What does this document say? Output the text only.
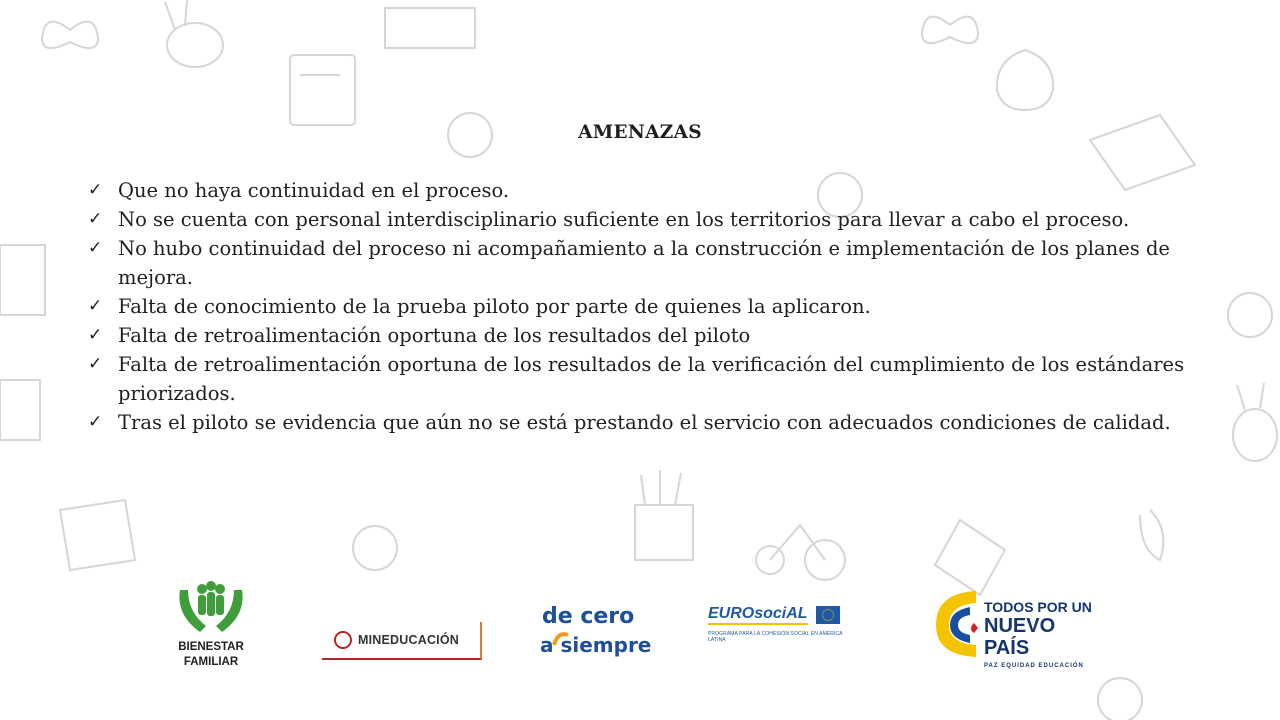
AMENAZAS
✓ Que no haya continuidad en el proceso.
✓ No se cuenta con personal interdisciplinario suficiente en los territorios para llevar a cabo el proceso.
✓ No hubo continuidad del proceso ni acompañamiento a la construcción e implementación de los planes de mejora.
✓ Falta de conocimiento de la prueba piloto por parte de quienes la aplicaron.
✓ Falta de retroalimentación oportuna de los resultados del piloto
✓ Falta de retroalimentación oportuna de los resultados de la verificación del cumplimiento de los estándares priorizados.
✓ Tras el piloto se evidencia que aún no se está prestando el servicio con adecuados condiciones de calidad.
BIENESTAR
FAMILIAR
MINEDUCACIÓN
de cero
a siempre
EUROsociAL
PROGRAMA PARA LA COHESIÓN SOCIAL EN AMÉRICA LATINA
TODOS POR UN
NUEVO PAÍS
PAZ EQUIDAD EDUCACIÓN
